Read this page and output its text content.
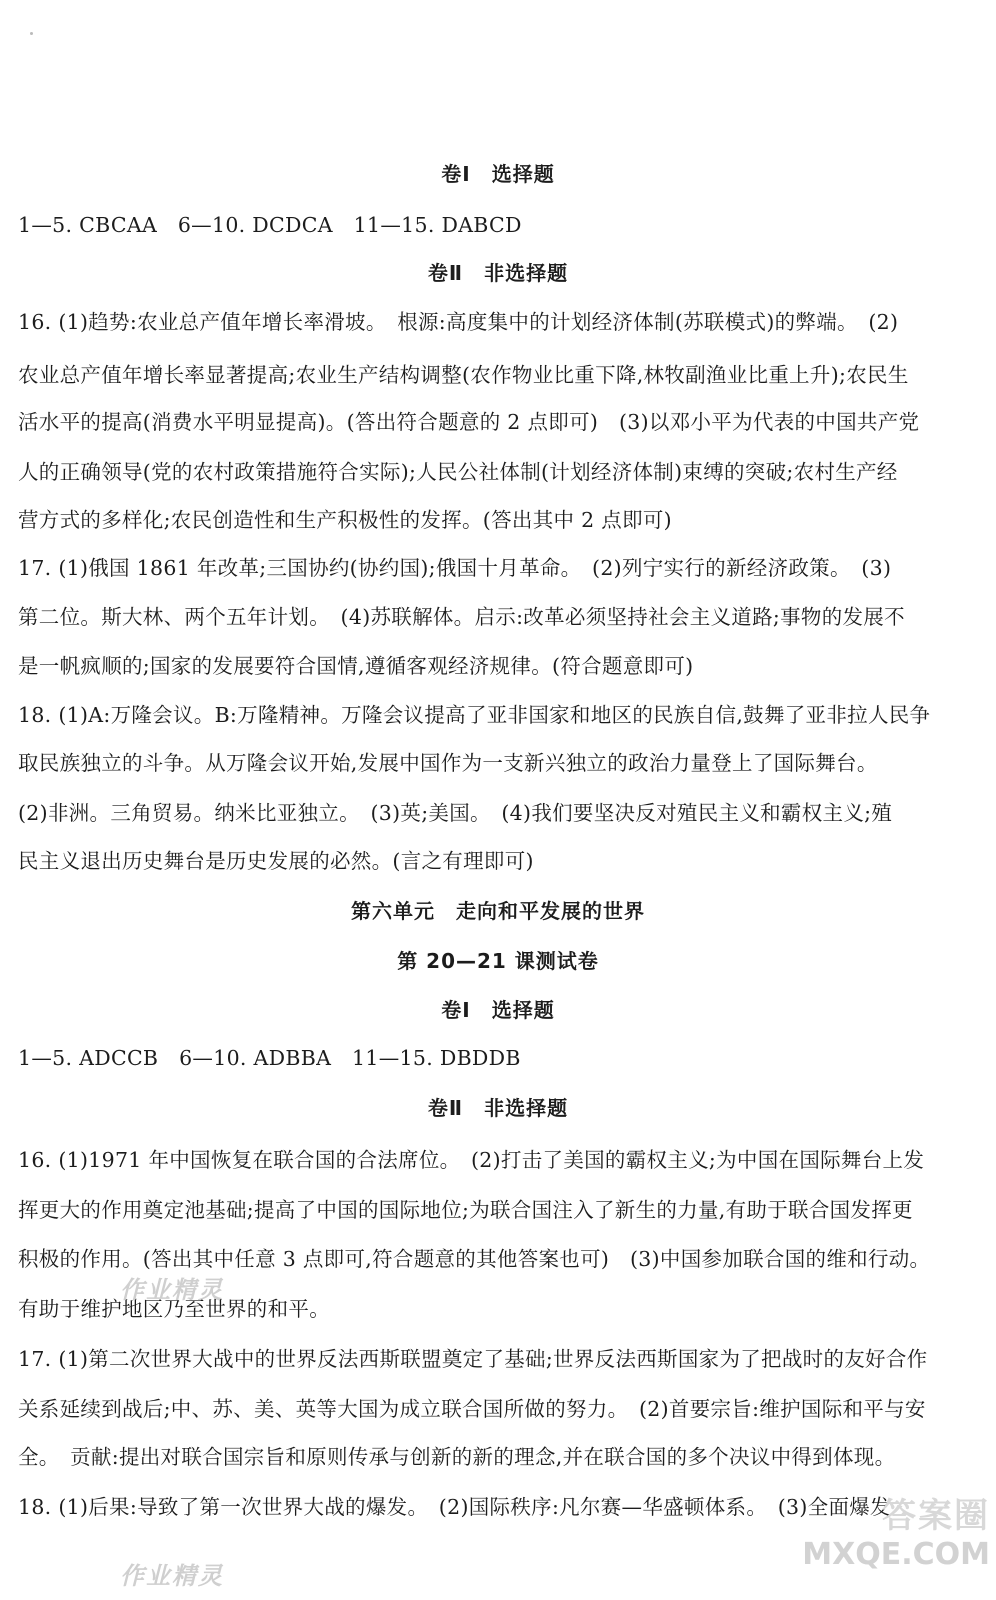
卷Ⅰ　选择题
1—5. CBCAA　6—10. DCDCA　11—15. DABCD
卷Ⅱ　非选择题
16. (1)趋势:农业总产值年增长率滑坡。　根源:高度集中的计划经济体制(苏联模式)的弊端。　(2)
农业总产值年增长率显著提高;农业生产结构调整(农作物业比重下降,林牧副渔业比重上升);农民生
活水平的提高(消费水平明显提高)。(答出符合题意的 2 点即可)　(3)以邓小平为代表的中国共产党
人的正确领导(党的农村政策措施符合实际);人民公社体制(计划经济体制)束缚的突破;农村生产经
营方式的多样化;农民创造性和生产积极性的发挥。(答出其中 2 点即可)
17. (1)俄国 1861 年改革;三国协约(协约国);俄国十月革命。　(2)列宁实行的新经济政策。　(3)
第二位。斯大林、两个五年计划。　(4)苏联解体。启示:改革必须坚持社会主义道路;事物的发展不
是一帆疯顺的;国家的发展要符合国情,遵循客观经济规律。(符合题意即可)
18. (1)A:万隆会议。B:万隆精神。万隆会议提高了亚非国家和地区的民族自信,鼓舞了亚非拉人民争
取民族独立的斗争。从万隆会议开始,发展中国作为一支新兴独立的政治力量登上了国际舞台。
(2)非洲。三角贸易。纳米比亚独立。　(3)英;美国。　(4)我们要坚决反对殖民主义和霸权主义;殖
民主义退出历史舞台是历史发展的必然。(言之有理即可)
第六单元　走向和平发展的世界
第 20—21 课测试卷
卷Ⅰ　选择题
1—5. ADCCB　6—10. ADBBA　11—15. DBDDB
卷Ⅱ　非选择题
16. (1)1971 年中国恢复在联合国的合法席位。　(2)打击了美国的霸权主义;为中国在国际舞台上发
挥更大的作用奠定池基础;提高了中国的国际地位;为联合国注入了新生的力量,有助于联合国发挥更
积极的作用。(答出其中任意 3 点即可,符合题意的其他答案也可)　(3)中国参加联合国的维和行动。
有助于维护地区乃至世界的和平。
17. (1)第二次世界大战中的世界反法西斯联盟奠定了基础;世界反法西斯国家为了把战时的友好合作
关系延续到战后;中、苏、美、英等大国为成立联合国所做的努力。　(2)首要宗旨:维护国际和平与安
全。　贡献:提出对联合国宗旨和原则传承与创新的新的理念,并在联合国的多个决议中得到体现。
18. (1)后果:导致了第一次世界大战的爆发。　(2)国际秩序:凡尔赛—华盛顿体系。　(3)全面爆发
作业精灵
作业精灵
答案圈
MXQE.COM
